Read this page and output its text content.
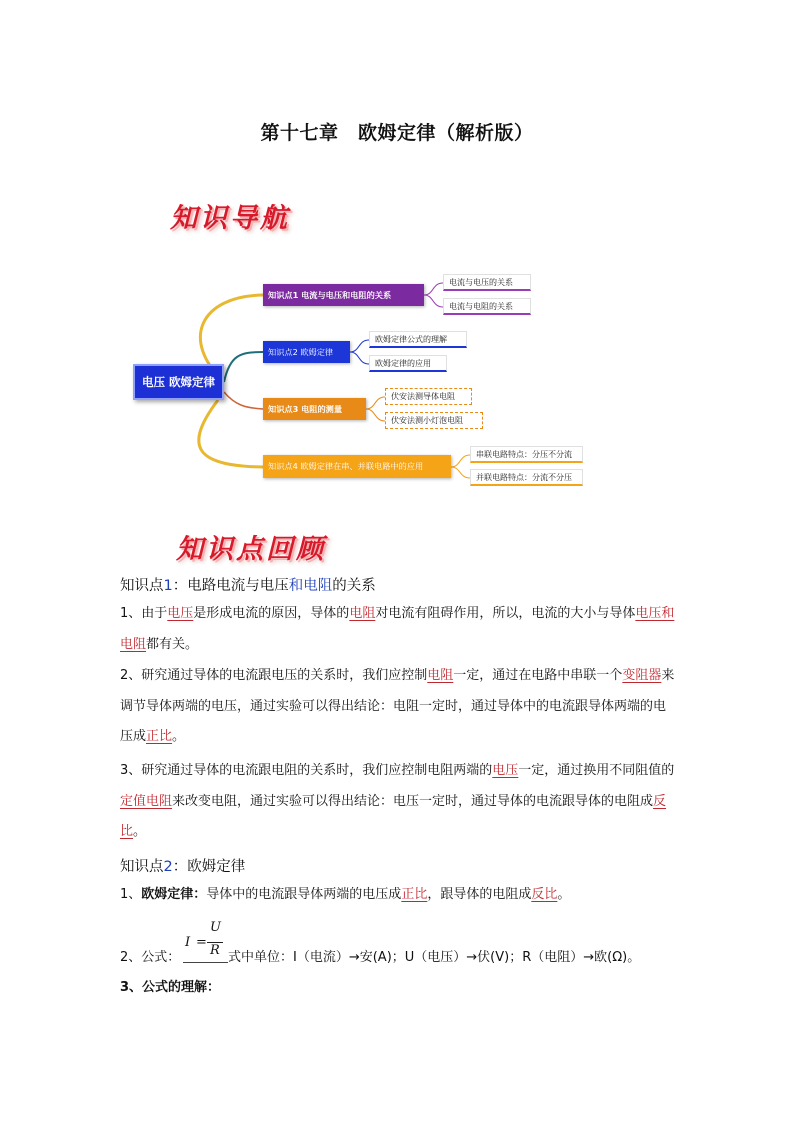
第十七章　欧姆定律（解析版）
知识导航
电压 欧姆定律
知识点1 电流与电压和电阻的关系
电流与电压的关系
电流与电阻的关系
知识点2 欧姆定律
欧姆定律公式的理解
欧姆定律的应用
知识点3 电阻的测量
伏安法测导体电阻
伏安法测小灯泡电阻
知识点4 欧姆定律在串、并联电路中的应用
串联电路特点：分压不分流
并联电路特点：分流不分压
知识点回顾
知识点1：电路电流与电压和电阻的关系
1、由于电压是形成电流的原因，导体的电阻对电流有阻碍作用，所以，电流的大小与导体电压和电阻都有关。
2、研究通过导体的电流跟电压的关系时，我们应控制电阻一定，通过在电路中串联一个变阻器来调节导体两端的电压，通过实验可以得出结论：电阻一定时，通过导体中的电流跟导体两端的电压成正比。
3、研究通过导体的电流跟电阻的关系时，我们应控制电阻两端的电压一定，通过换用不同阻值的定值电阻来改变电阻，通过实验可以得出结论：电压一定时，通过导体的电流跟导体的电阻成反比。
知识点2：欧姆定律
1、欧姆定律：导体中的电流跟导体两端的电压成正比，跟导体的电阻成反比。
2、公式：
I =
U
R 式中单位：I（电流）→安(A)；U（电压）→伏(V)；R（电阻）→欧(Ω)。
3、公式的理解：
